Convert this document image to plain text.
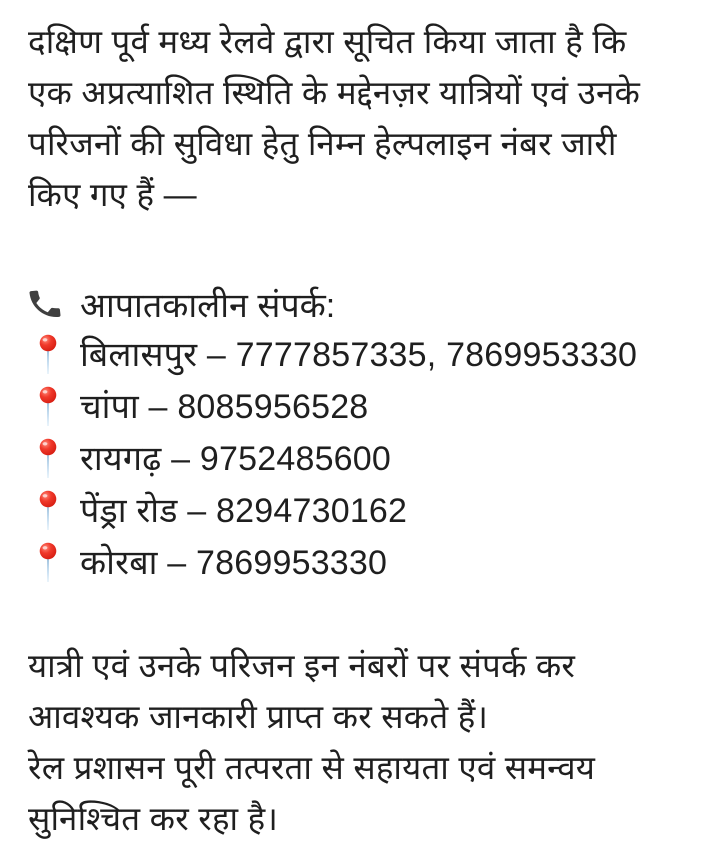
दक्षिण पूर्व मध्य रेलवे द्वारा सूचित किया जाता है कि
एक अप्रत्याशित स्थिति के मद्देनज़र यात्रियों एवं उनके
परिजनों की सुविधा हेतु निम्न हेल्पलाइन नंबर जारी
किए गए हैं —
आपातकालीन संपर्क:
बिलासपुर – 7777857335, 7869953330
चांपा – 8085956528
रायगढ़ – 9752485600
पेंड्रा रोड – 8294730162
कोरबा – 7869953330
यात्री एवं उनके परिजन इन नंबरों पर संपर्क कर
आवश्यक जानकारी प्राप्त कर सकते हैं।
रेल प्रशासन पूरी तत्परता से सहायता एवं समन्वय
सुनिश्चित कर रहा है।
